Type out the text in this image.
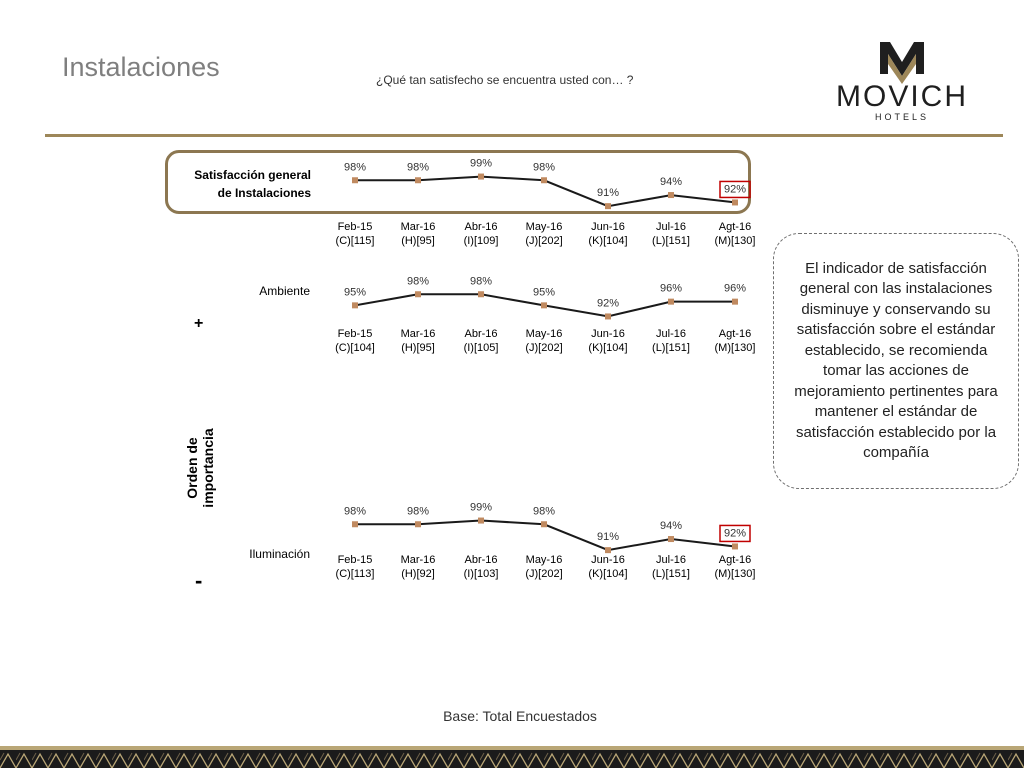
Instalaciones	¿Qué tan satisfecho se encuentra usted con… ?	MOVICH
HOTELS
Satisfacción general
de Instalaciones
Ambiente
Iluminación
+
-
Orden de importancia
98%
Feb-15
(C)[115]
98%
Mar-16
(H)[95]
99%
Abr-16
(I)[109]
98%
May-16
(J)[202]
91%
Jun-16
(K)[104]
94%
Jul-16
(L)[151]
92%
Agt-16
(M)[130]
95%
Feb-15
(C)[104]
98%
Mar-16
(H)[95]
98%
Abr-16
(I)[105]
95%
May-16
(J)[202]
92%
Jun-16
(K)[104]
96%
Jul-16
(L)[151]
96%
Agt-16
(M)[130]
98%
Feb-15
(C)[113]
98%
Mar-16
(H)[92]
99%
Abr-16
(I)[103]
98%
May-16
(J)[202]
91%
Jun-16
(K)[104]
94%
Jul-16
(L)[151]
92%
Agt-16
(M)[130]
El indicador de satisfacción general con las instalaciones disminuye y conservando su satisfacción sobre el estándar establecido, se recomienda tomar las acciones de mejoramiento pertinentes para mantener el estándar de satisfacción establecido por la compañía
Base: Total Encuestados
